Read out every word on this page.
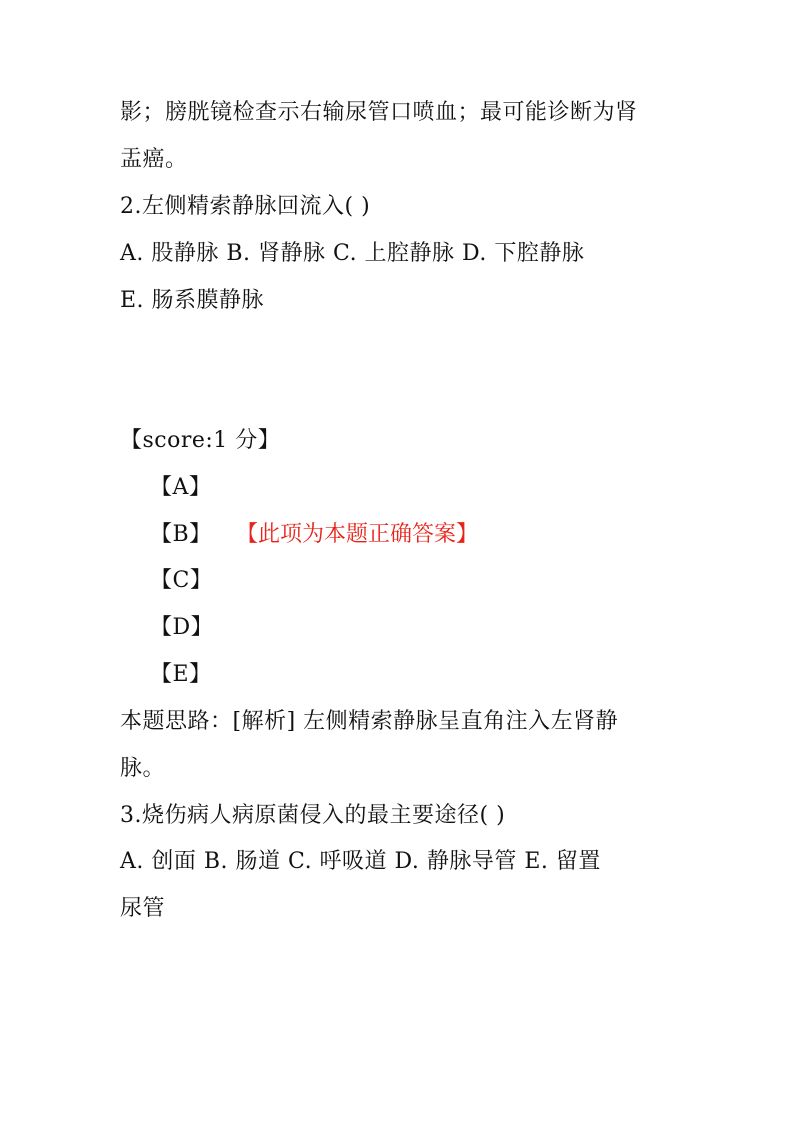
影；膀胱镜检查示右输尿管口喷血；最可能诊断为肾
盂癌。
2.左侧精索静脉回流入( )
A. 股静脉 B. 肾静脉 C. 上腔静脉 D. 下腔静脉
E. 肠系膜静脉
【score:1 分】
【A】
【B】 【此项为本题正确答案】
【C】
【D】
【E】
本题思路：[解析] 左侧精索静脉呈直角注入左肾静
脉。
3.烧伤病人病原菌侵入的最主要途径( )
A. 创面 B. 肠道 C. 呼吸道 D. 静脉导管 E. 留置
尿管
